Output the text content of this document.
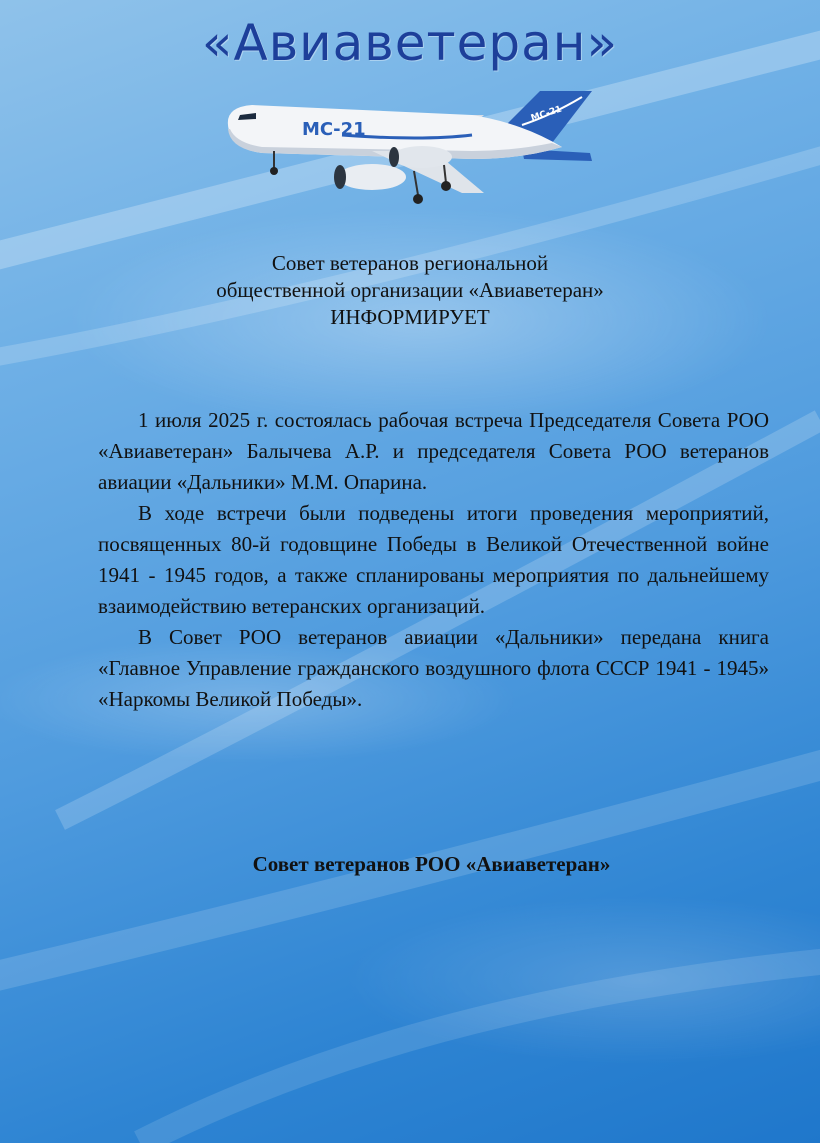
«Авиаветеран»
МС-21
МС-21
Совет ветеранов региональной
общественной организации «Авиаветеран»
ИНФОРМИРУЕТ

1 июля 2025 г. состоялась рабочая встреча Председателя Совета РОО «Авиаветеран» Балычева А.Р. и председателя Совета РОО ветеранов авиации «Дальники» М.М. Опарина.

В ходе встречи были подведены итоги проведения мероприятий, посвященных 80-й годовщине Победы в Великой Отечественной войне 1941 - 1945 годов, а также спланированы мероприятия по дальнейшему взаимодействию ветеранских организаций.

В Совет РОО ветеранов авиации «Дальники» передана книга «Главное Управление гражданского воздушного флота СССР 1941 - 1945» «Наркомы Великой Победы».

Совет ветеранов РОО «Авиаветеран»
